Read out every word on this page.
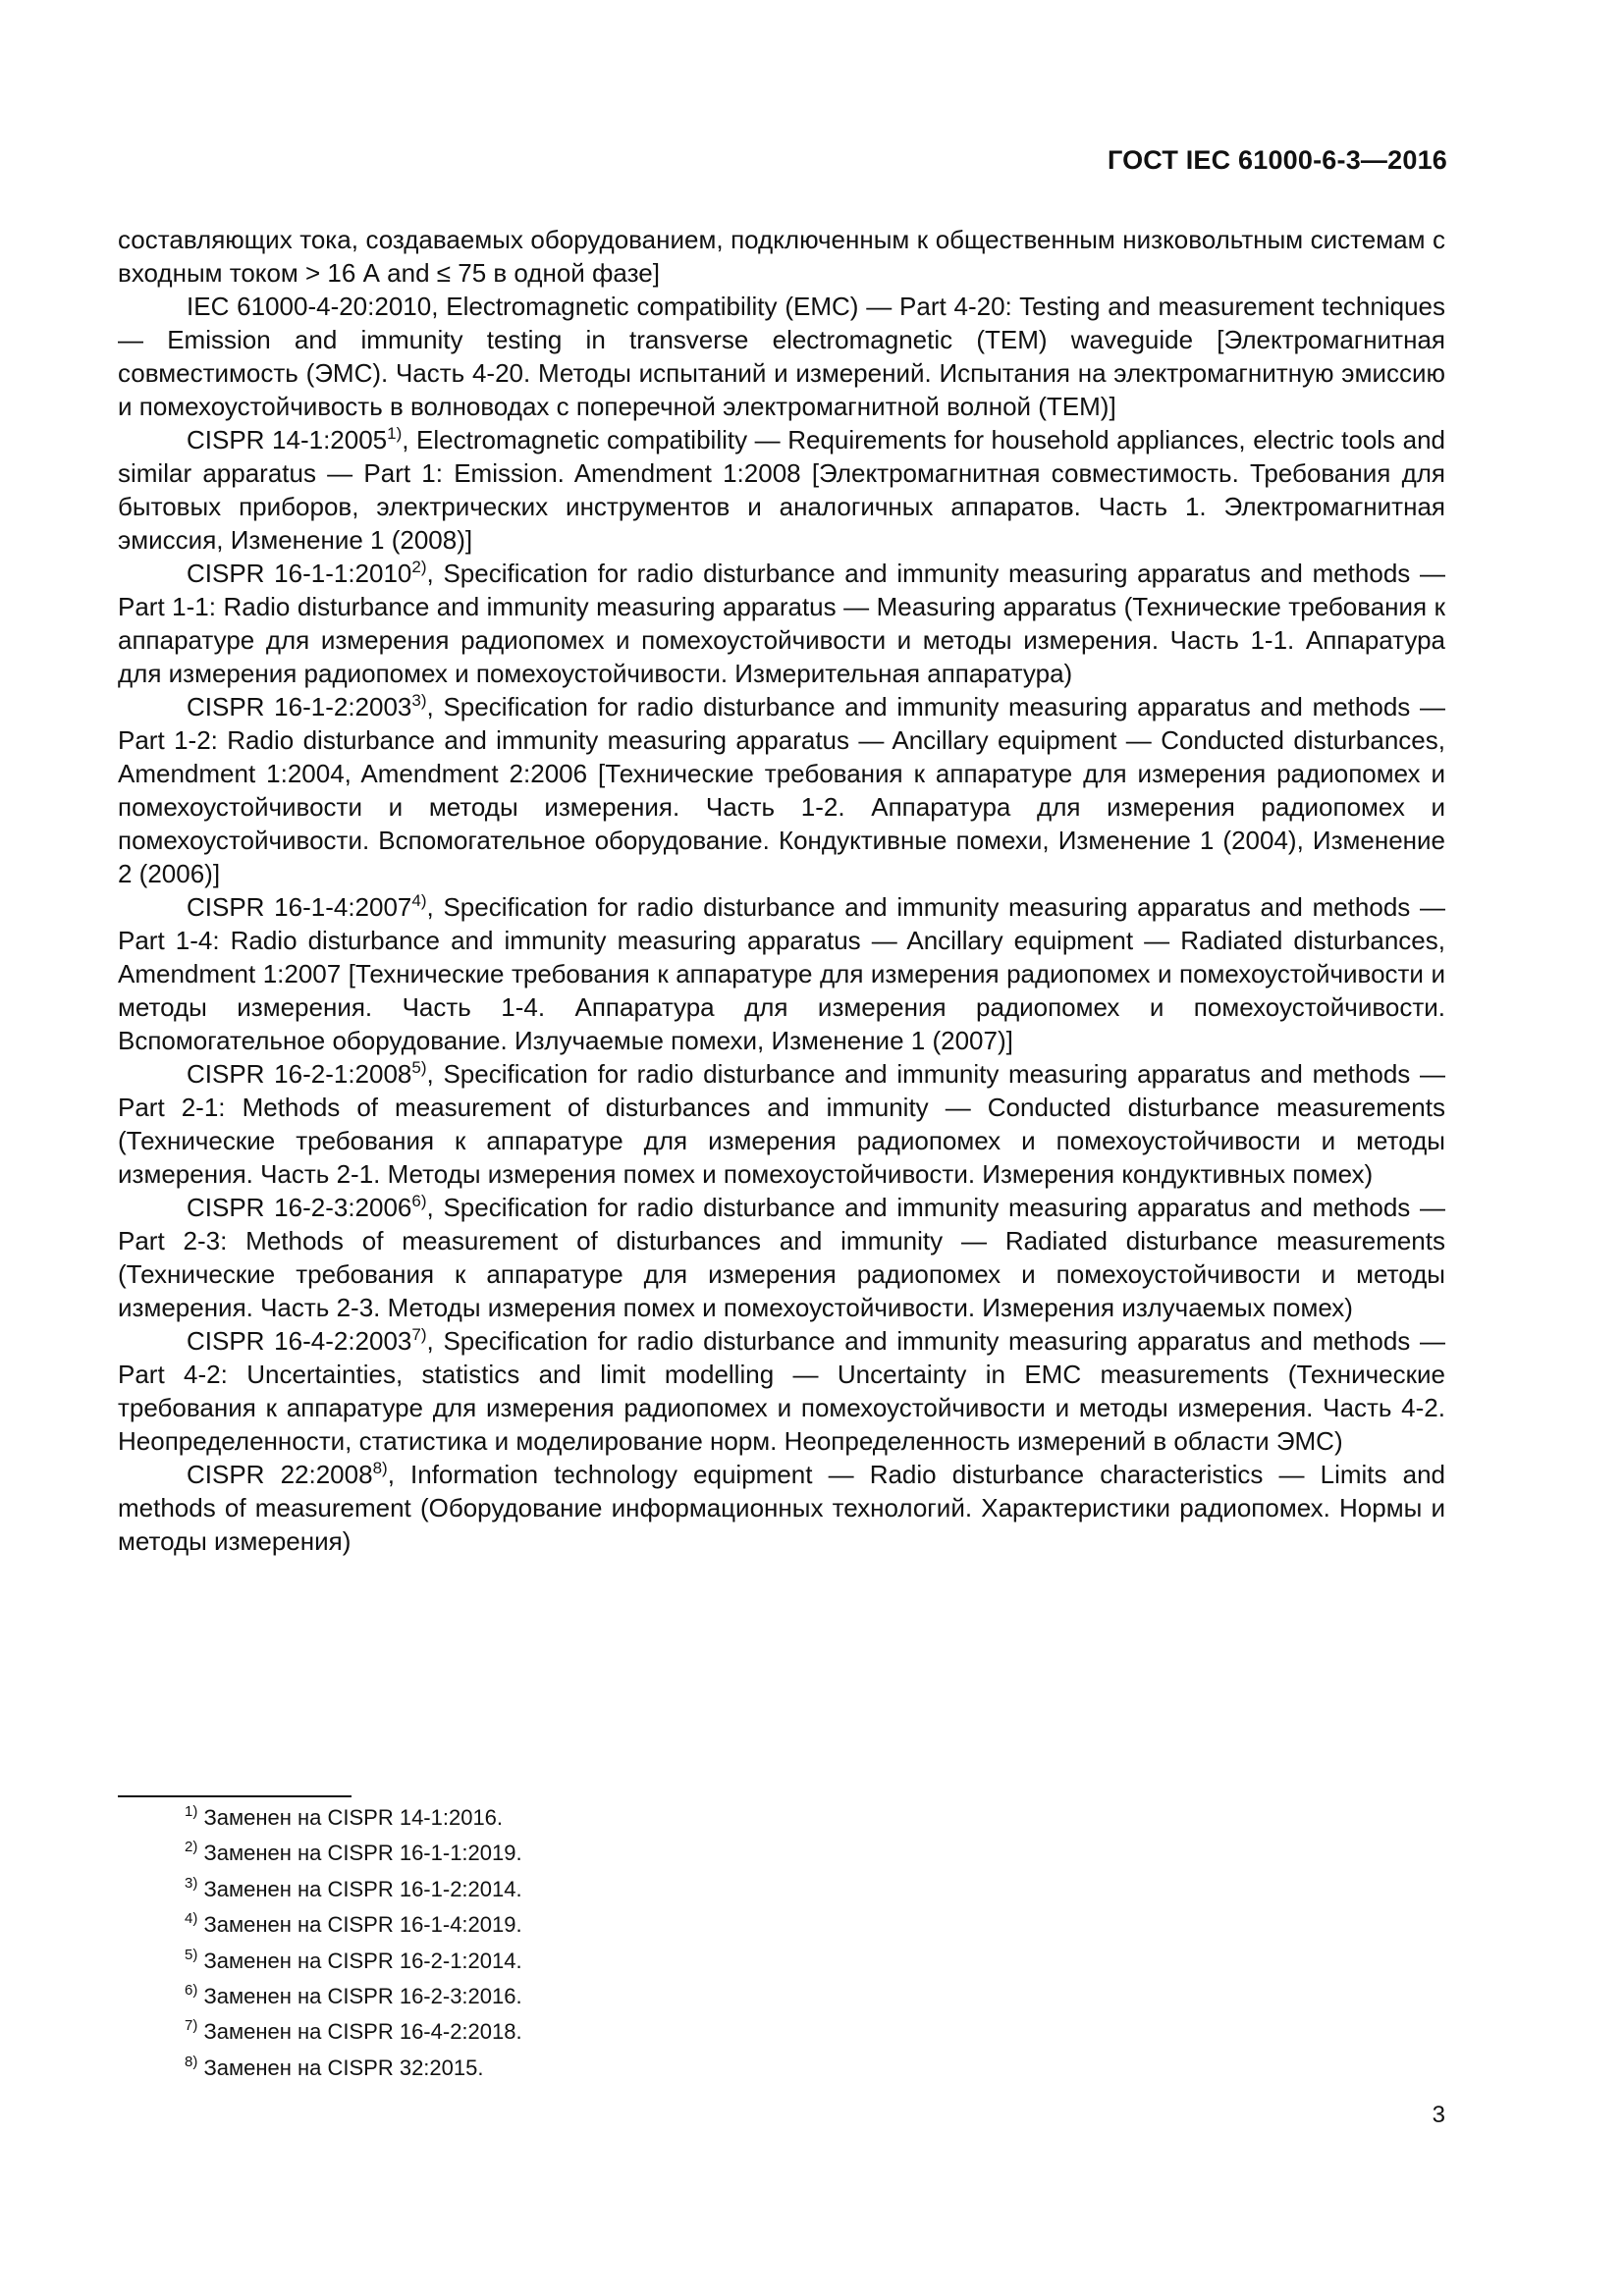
ГОСТ IEC 61000-6-3—2016

составляющих тока, создаваемых оборудованием, подключенным к общественным низковольтным системам с входным током > 16 А and ≤ 75 в одной фазе]

IEC 61000-4-20:2010, Electromagnetic compatibility (EMC) — Part 4-20: Testing and measurement techniques — Emission and immunity testing in transverse electromagnetic (TEM) waveguide [Электромагнитная совместимость (ЭМС). Часть 4-20. Методы испытаний и измерений. Испытания на электромагнитную эмиссию и помехоустойчивость в волноводах с поперечной электромагнитной волной (TEM)]

CISPR 14-1:2005$^{1)}$, Electromagnetic compatibility — Requirements for household appliances, electric tools and similar apparatus — Part 1: Emission. Amendment 1:2008 [Электромагнитная совместимость. Требования для бытовых приборов, электрических инструментов и аналогичных аппаратов. Часть 1. Электромагнитная эмиссия, Изменение 1 (2008)]

CISPR 16-1-1:2010$^{2)}$, Specification for radio disturbance and immunity measuring apparatus and methods — Part 1-1: Radio disturbance and immunity measuring apparatus — Measuring apparatus (Технические требования к аппаратуре для измерения радиопомех и помехоустойчивости и методы измерения. Часть 1-1. Аппаратура для измерения радиопомех и помехоустойчивости. Измерительная аппаратура)

CISPR 16-1-2:2003$^{3)}$, Specification for radio disturbance and immunity measuring apparatus and methods — Part 1-2: Radio disturbance and immunity measuring apparatus — Ancillary equipment — Conducted disturbances, Amendment 1:2004, Amendment 2:2006 [Технические требования к аппаратуре для измерения радиопомех и помехоустойчивости и методы измерения. Часть 1-2. Аппаратура для измерения радиопомех и помехоустойчивости. Вспомогательное оборудование. Кондуктивные помехи, Изменение 1 (2004), Изменение 2 (2006)]

CISPR 16-1-4:2007$^{4)}$, Specification for radio disturbance and immunity measuring apparatus and methods — Part 1-4: Radio disturbance and immunity measuring apparatus — Ancillary equipment — Radiated disturbances, Amendment 1:2007 [Технические требования к аппаратуре для измерения радиопомех и помехоустойчивости и методы измерения. Часть 1-4. Аппаратура для измерения радиопомех и помехоустойчивости. Вспомогательное оборудование. Излучаемые помехи, Изменение 1 (2007)]

CISPR 16-2-1:2008$^{5)}$, Specification for radio disturbance and immunity measuring apparatus and methods — Part 2-1: Methods of measurement of disturbances and immunity — Conducted disturbance measurements (Технические требования к аппаратуре для измерения радиопомех и помехоустойчивости и методы измерения. Часть 2-1. Методы измерения помех и помехоустойчивости. Измерения кондуктивных помех)

CISPR 16-2-3:2006$^{6)}$, Specification for radio disturbance and immunity measuring apparatus and methods — Part 2-3: Methods of measurement of disturbances and immunity — Radiated disturbance measurements (Технические требования к аппаратуре для измерения радиопомех и помехоустойчивости и методы измерения. Часть 2-3. Методы измерения помех и помехоустойчивости. Измерения излучаемых помех)

CISPR 16-4-2:2003$^{7)}$, Specification for radio disturbance and immunity measuring apparatus and methods — Part 4-2: Uncertainties, statistics and limit modelling — Uncertainty in EMC measurements (Технические требования к аппаратуре для измерения радиопомех и помехоустойчивости и методы измерения. Часть 4-2. Неопределенности, статистика и моделирование норм. Неопределенность измерений в области ЭМС)

CISPR 22:2008$^{8)}$, Information technology equipment — Radio disturbance characteristics — Limits and methods of measurement (Оборудование информационных технологий. Характеристики радиопомех. Нормы и методы измерения)

$^{1)}$ Заменен на CISPR 14-1:2016.
$^{2)}$ Заменен на CISPR 16-1-1:2019.
$^{3)}$ Заменен на CISPR 16-1-2:2014.
$^{4)}$ Заменен на CISPR 16-1-4:2019.
$^{5)}$ Заменен на CISPR 16-2-1:2014.
$^{6)}$ Заменен на CISPR 16-2-3:2016.
$^{7)}$ Заменен на CISPR 16-4-2:2018.
$^{8)}$ Заменен на CISPR 32:2015.
3
